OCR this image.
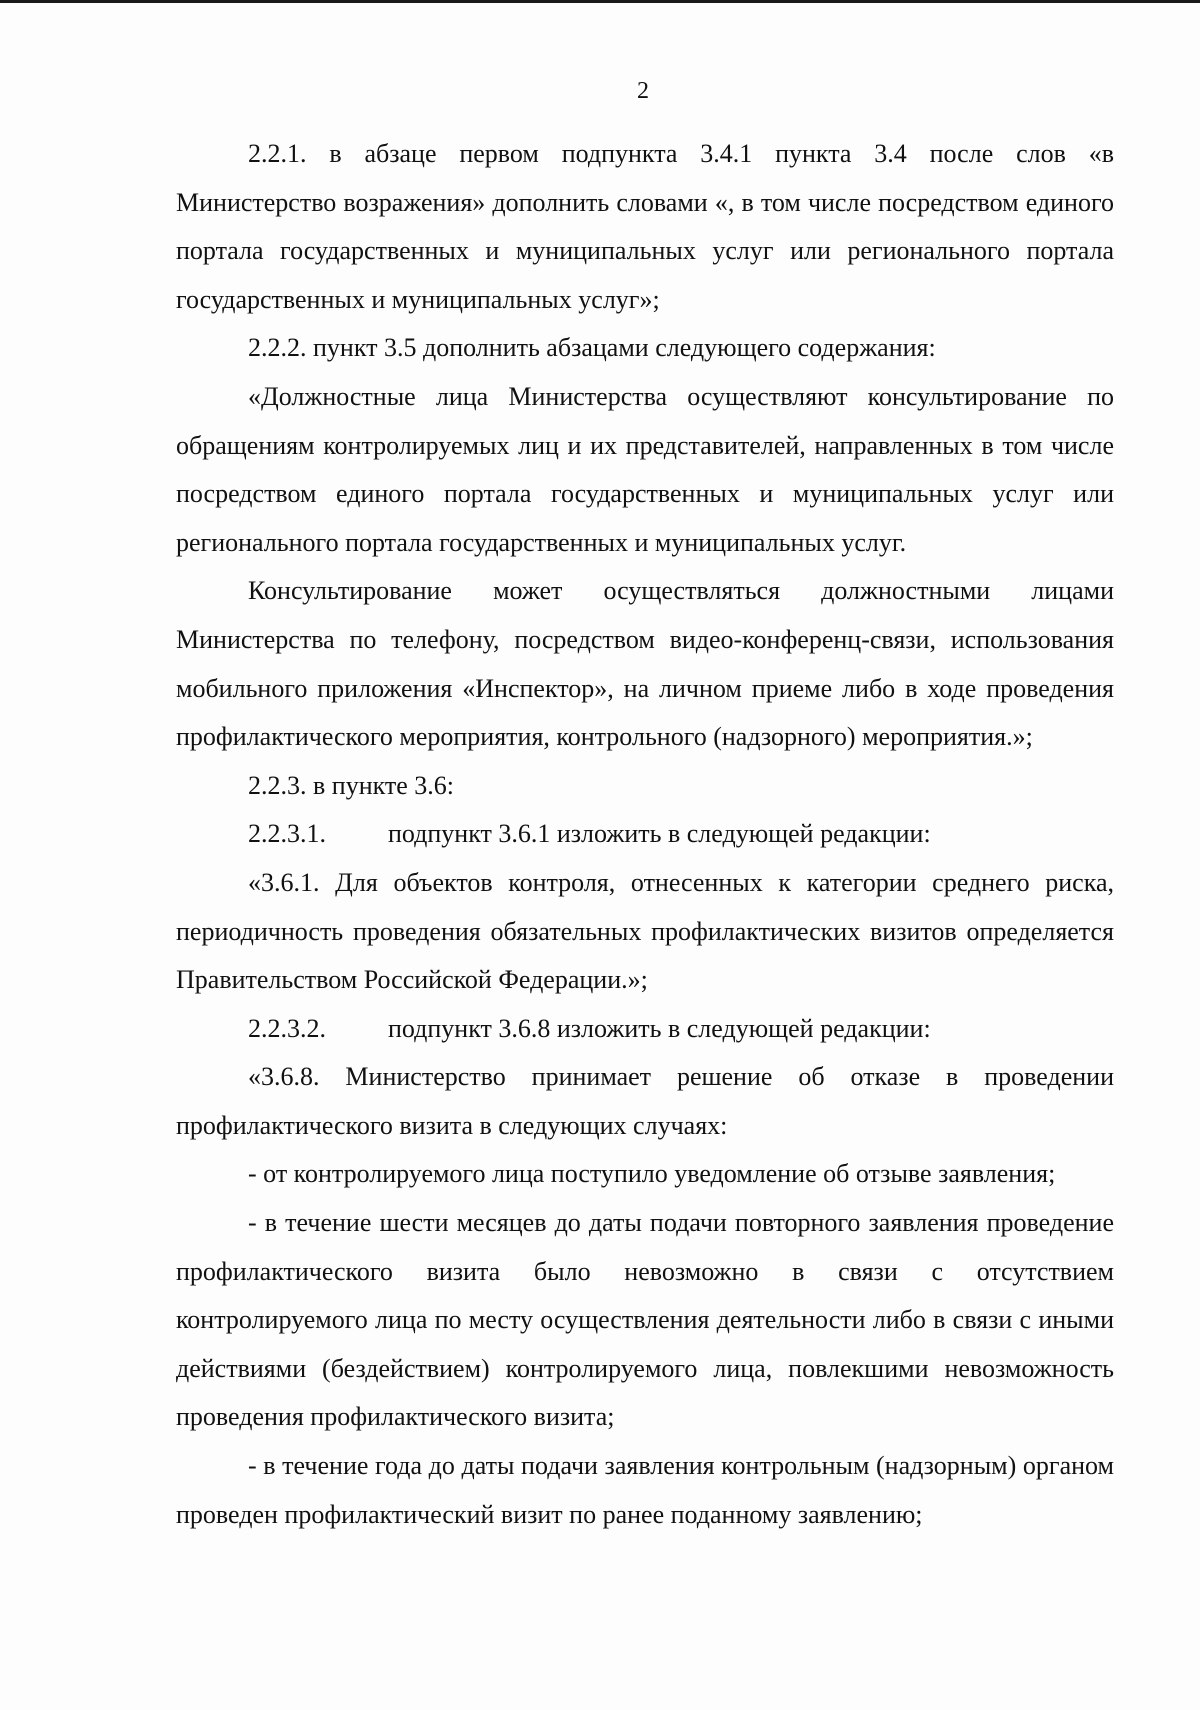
2

2.2.1. в абзаце первом подпункта 3.4.1 пункта 3.4 после слов «в Министерство возражения» дополнить словами «, в том числе посредством единого портала государственных и муниципальных услуг или регионального портала государственных и муниципальных услуг»;

2.2.2. пункт 3.5 дополнить абзацами следующего содержания:

«Должностные лица Министерства осуществляют консультирование по обращениям контролируемых лиц и их представителей, направленных в том числе посредством единого портала государственных и муниципальных услуг или регионального портала государственных и муниципальных услуг.

Консультирование может осуществляться должностными лицами Министерства по телефону, посредством видео-конференц-связи, использования мобильного приложения «Инспектор», на личном приеме либо в ходе проведения профилактического мероприятия, контрольного (надзорного) мероприятия.»;

2.2.3. в пункте 3.6:

2.2.3.1. подпункт 3.6.1 изложить в следующей редакции:

«3.6.1. Для объектов контроля, отнесенных к категории среднего риска, периодичность проведения обязательных профилактических визитов определяется Правительством Российской Федерации.»;

2.2.3.2. подпункт 3.6.8 изложить в следующей редакции:

«3.6.8. Министерство принимает решение об отказе в проведении профилактического визита в следующих случаях:

- от контролируемого лица поступило уведомление об отзыве заявления;

- в течение шести месяцев до даты подачи повторного заявления проведение профилактического визита было невозможно в связи с отсутствием контролируемого лица по месту осуществления деятельности либо в связи с иными действиями (бездействием) контролируемого лица, повлекшими невозможность проведения профилактического визита;

- в течение года до даты подачи заявления контрольным (надзорным) органом проведен профилактический визит по ранее поданному заявлению;
